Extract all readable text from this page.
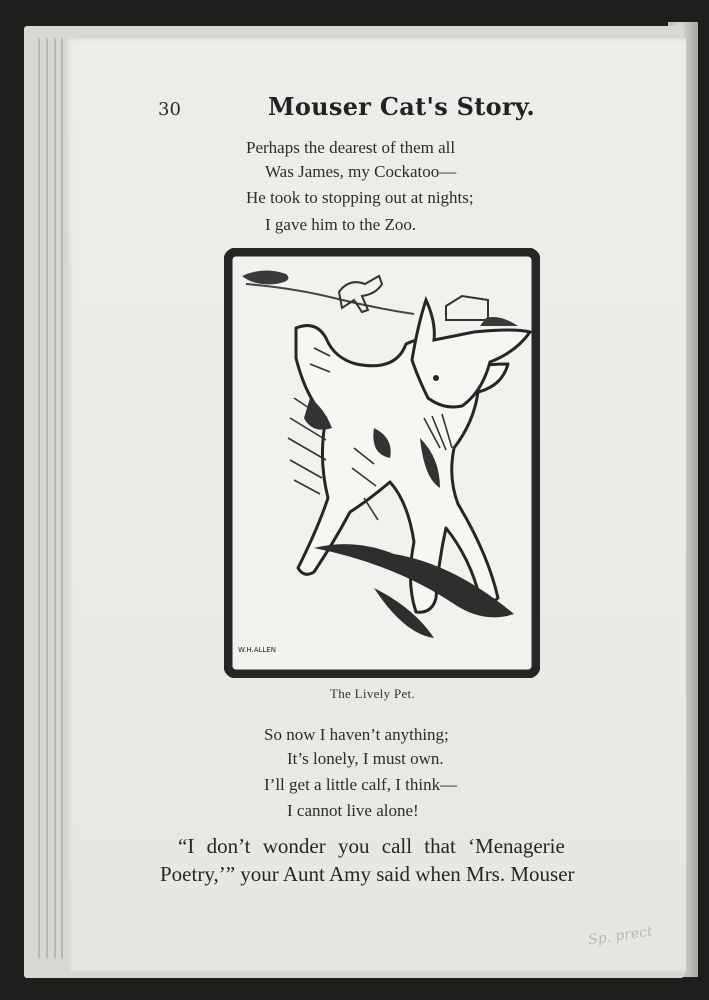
30	Mouser Cat's Story.
Perhaps the dearest of them all
Was James, my Cockatoo—
He took to stopping out at nights;
I gave him to the Zoo.
W.H.ALLEN
The Lively Pet.
So now I haven’t anything;
It’s lonely, I must own.
I’ll get a little calf, I think—
I cannot live alone!
“I don’t wonder you call that ‘Menagerie
Poetry,’” your Aunt Amy said when Mrs. Mouser
Sp. prect
